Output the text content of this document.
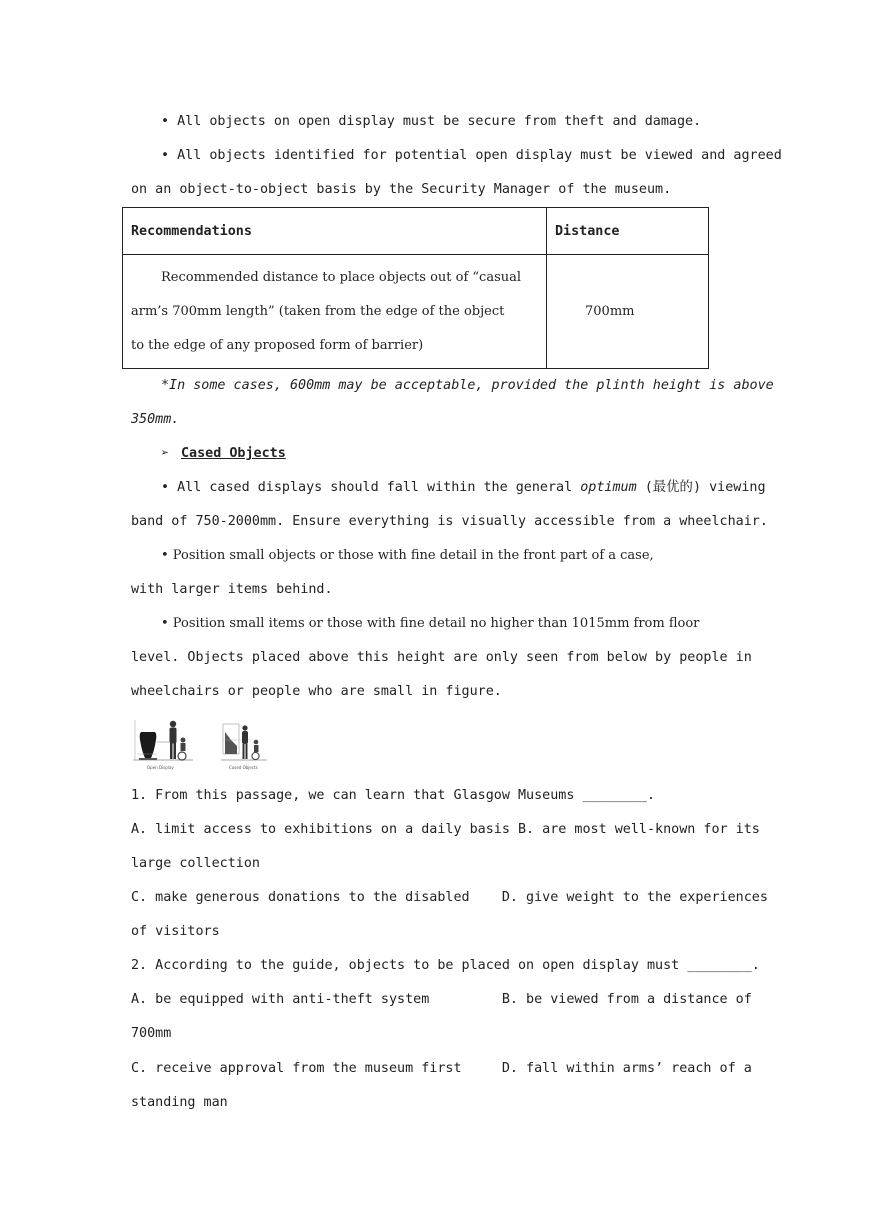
• All objects on open display must be secure from theft and damage.
• All objects identified for potential open display must be viewed and agreed
on an object-to-object basis by the Security Manager of the museum.
Recommendations	Distance

Recommended distance to place objects out of “casual
arm’s 700mm length” (taken from the edge of the object
to the edge of any proposed form of barrier)	700mm
*In some cases, 600mm may be acceptable, provided the plinth height is above
350mm.
➢ Cased Objects
• All cased displays should fall within the general optimum (最优的) viewing
band of 750-2000mm. Ensure everything is visually accessible from a wheelchair.
• Position small objects or those with fine detail in the front part of a case,
with larger items behind.
• Position small items or those with fine detail no higher than 1015mm from floor
level. Objects placed above this height are only seen from below by people in
wheelchairs or people who are small in figure.
Open Display	Cased Objects
1. From this passage, we can learn that Glasgow Museums ________.
A. limit access to exhibitions on a daily basis B. are most well-known for its
large collection
C. make generous donations to the disabled    D. give weight to the experiences
of visitors
2. According to the guide, objects to be placed on open display must ________.
A. be equipped with anti-theft system         B. be viewed from a distance of
700mm
C. receive approval from the museum first     D. fall within arms’ reach of a
standing man
